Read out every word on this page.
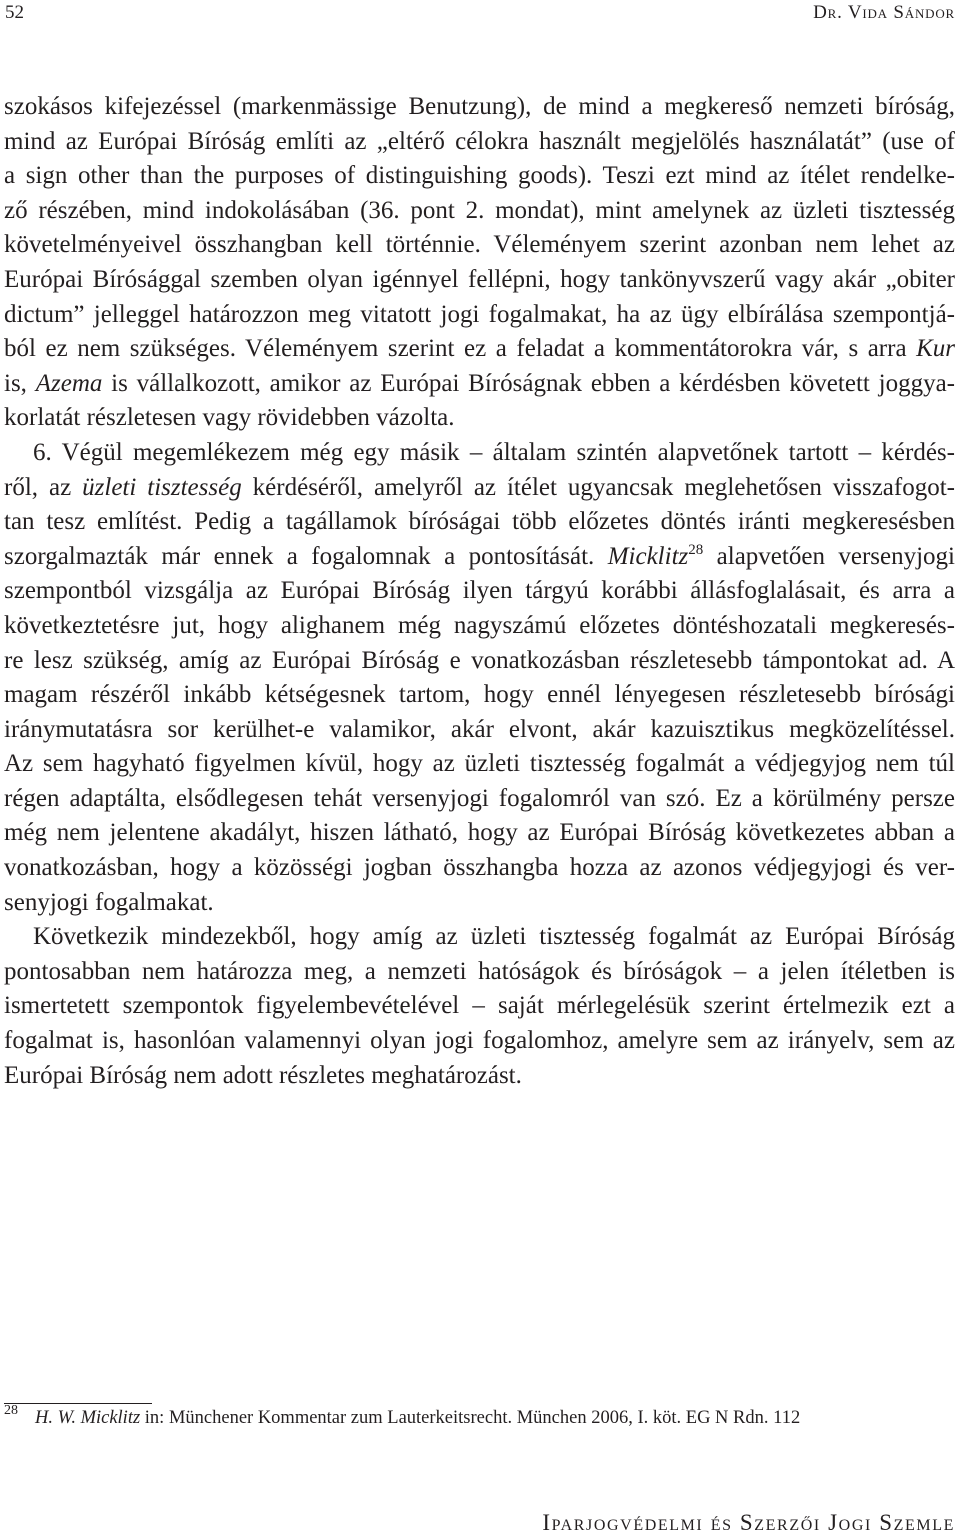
52	Dr. Vida Sándor
szokásos kifejezéssel (markenmässige Benutzung), de mind a megkereső nemzeti bíróság,
mind az Európai Bíróság említi az „eltérő célokra használt megjelölés használatát” (use of
a sign other than the purposes of distinguishing goods). Teszi ezt mind az ítélet rendelke-
ző részében, mind indokolásában (36. pont 2. mondat), mint amelynek az üzleti tisztesség
követelményeivel összhangban kell történnie. Véleményem szerint azonban nem lehet az
Európai Bírósággal szemben olyan igénnyel fellépni, hogy tankönyvszerű vagy akár „obiter
dictum” jelleggel határozzon meg vitatott jogi fogalmakat, ha az ügy elbírálása szempontjá-
ból ez nem szükséges. Véleményem szerint ez a feladat a kommentátorokra vár, s arra Kur
is, Azema is vállalkozott, amikor az Európai Bíróságnak ebben a kérdésben követett joggya-
korlatát részletesen vagy rövidebben vázolta.
6. Végül megemlékezem még egy másik – általam szintén alapvetőnek tartott – kérdés-
ről, az üzleti tisztesség kérdéséről, amelyről az ítélet ugyancsak meglehetősen visszafogot-
tan tesz említést. Pedig a tagállamok bíróságai több előzetes döntés iránti megkeresésben
szorgalmazták már ennek a fogalomnak a pontosítását. Micklitz$^{28}$ alapvetően versenyjogi
szempontból vizsgálja az Európai Bíróság ilyen tárgyú korábbi állásfoglalásait, és arra a
következtetésre jut, hogy alighanem még nagyszámú előzetes döntéshozatali megkeresés-
re lesz szükség, amíg az Európai Bíróság e vonatkozásban részletesebb támpontokat ad. A
magam részéről inkább kétségesnek tartom, hogy ennél lényegesen részletesebb bírósági
iránymutatásra sor kerülhet-e valamikor, akár elvont, akár kazuisztikus megközelítéssel.
Az sem hagyható figyelmen kívül, hogy az üzleti tisztesség fogalmát a védjegyjog nem túl
régen adaptálta, elsődlegesen tehát versenyjogi fogalomról van szó. Ez a körülmény persze
még nem jelentene akadályt, hiszen látható, hogy az Európai Bíróság következetes abban a
vonatkozásban, hogy a közösségi jogban összhangba hozza az azonos védjegyjogi és ver-
senyjogi fogalmakat.
Következik mindezekből, hogy amíg az üzleti tisztesség fogalmát az Európai Bíróság
pontosabban nem határozza meg, a nemzeti hatóságok és bíróságok – a jelen ítéletben is
ismertetett szempontok figyelembevételével – saját mérlegelésük szerint értelmezik ezt a
fogalmat is, hasonlóan valamennyi olyan jogi fogalomhoz, amelyre sem az irányelv, sem az
Európai Bíróság nem adott részletes meghatározást.
28 H. W. Micklitz in: Münchener Kommentar zum Lauterkeitsrecht. München 2006, I. köt. EG N Rdn. 112
Iparjogvédelmi és Szerzői Jogi Szemle
